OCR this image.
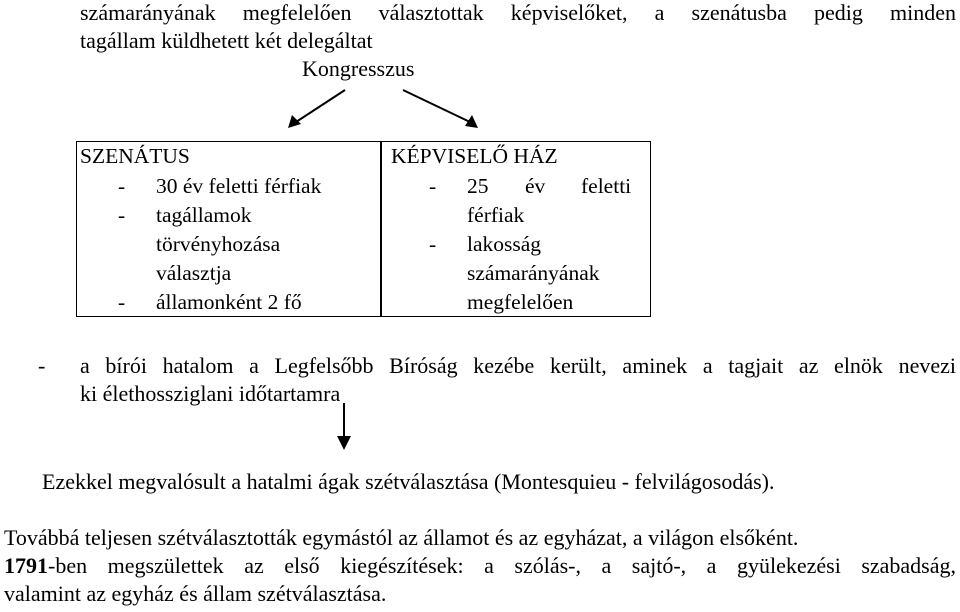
számarányának megfelelően választottak képviselőket, a szenátusba pedig minden
tagállam küldhetett két delegáltat
Kongresszus
SZENÁTUS
- 30 év feletti férfiak
- tagállamok
törvényhozása
választja
- államonként 2 fő
KÉPVISELŐ HÁZ
- 25 év feletti
férfiak
- lakosság
számarányának
megfelelően
- a bírói hatalom a Legfelsőbb Bíróság kezébe került, aminek a tagjait az elnök nevezi
ki élethossziglani időtartamra
Ezekkel megvalósult a hatalmi ágak szétválasztása (Montesquieu - felvilágosodás).
Továbbá teljesen szétválasztották egymástól az államot és az egyházat, a világon elsőként.
1791-ben megszülettek az első kiegészítések: a szólás-, a sajtó-, a gyülekezési szabadság,
valamint az egyház és állam szétválasztása.
